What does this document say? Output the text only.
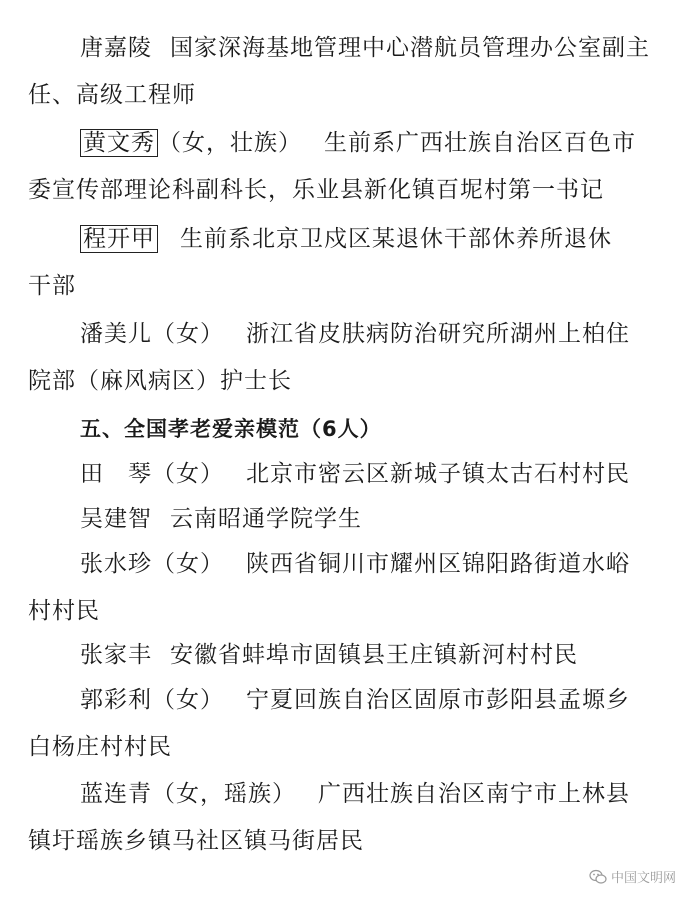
唐嘉陵 国家深海基地管理中心潜航员管理办公室副主
任、高级工程师
黄文秀 （女，壮族） 生前系广西壮族自治区百色市
委宣传部理论科副科长，乐业县新化镇百坭村第一书记
程开甲 生前系北京卫戍区某退休干部休养所退休
干部
潘美儿（女） 浙江省皮肤病防治研究所湖州上柏住
院部（麻风病区）护士长
五、全国孝老爱亲模范（6人）
田　琴（女） 北京市密云区新城子镇太古石村村民
吴建智 云南昭通学院学生
张水珍（女） 陕西省铜川市耀州区锦阳路街道水峪
村村民
张家丰 安徽省蚌埠市固镇县王庄镇新河村村民
郭彩利（女） 宁夏回族自治区固原市彭阳县孟塬乡
白杨庄村村民
蓝连青（女，瑶族） 广西壮族自治区南宁市上林县
镇圩瑶族乡镇马社区镇马街居民
中国文明网
